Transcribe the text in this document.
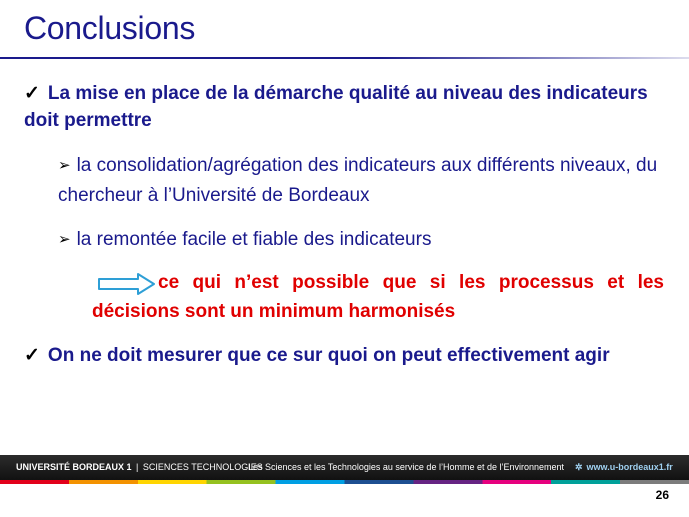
Conclusions
✓ La mise en place de la démarche qualité au niveau des indicateurs doit permettre
➢ la consolidation/agrégation des indicateurs aux différents niveaux, du chercheur à l’Université de Bordeaux
➢ la remontée facile et fiable des indicateurs
ce qui n’est possible que si les processus et les décisions sont un minimum harmonisés
✓ On ne doit mesurer que ce sur quoi on peut effectivement agir
UNIVERSITÉ BORDEAUX 1 | SCIENCES TECHNOLOGIES
Les Sciences et les Technologies au service de l’Homme et de l’Environnement ✲ www.u-bordeaux1.fr
26
